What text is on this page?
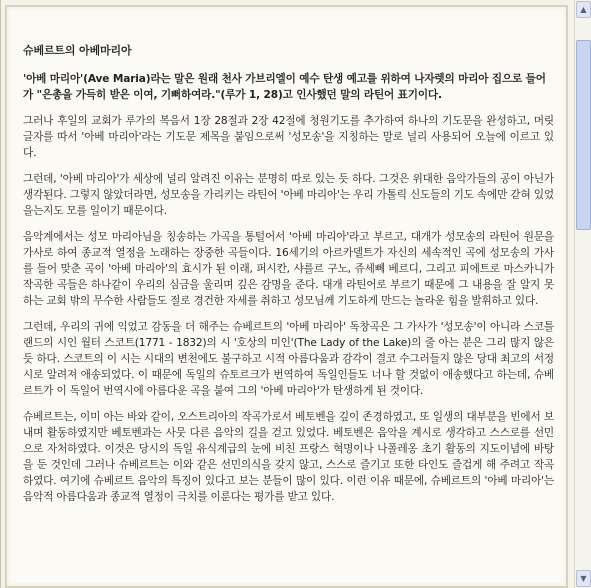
슈베르트의 아베마리아
'아베 마리아'(Ave Maria)라는 말은 원래 천사 가브리엘이 예수 탄생 예고를 위하여 나자렛의 마리아 집으로 들어가 "은총을 가득히 받은 이여, 기뻐하여라."(루가 1, 28)고 인사했던 말의 라틴어 표기이다.
그러나 후일의 교회가 루가의 복음서 1장 28절과 2장 42절에 청원기도를 추가하여 하나의 기도문을 완성하고, 머릿 글자를 따서 '아베 마리아'라는 기도문 제목을 붙임으로써 '성모송'을 지칭하는 말로 널리 사용되어 오늘에 이르고 있다.
그런데, '아베 마리아'가 세상에 널리 알려진 이유는 분명히 따로 있는 듯 하다. 그것은 위대한 음악가들의 공이 아닌가 생각된다. 그렇지 않았더라면, 성모송을 가리키는 라틴어 '아베 마리아'는 우리 가톨릭 신도들의 기도 속에만 갇혀 있었을는지도 모를 일이기 때문이다.
음악계에서는 성모 마리아님을 칭송하는 가곡을 통털어서 '아베 마리아'라고 부르고, 대개가 성모송의 라틴어 원문을 가사로 하여 종교적 열정을 노래하는 장중한 곡들이다. 16세기의 아르카델트가 자신의 세속적인 곡에 성모송의 가사를 들어 맞춘 곡이 '아베 마리아'의 효시가 된 이래, 퍼시칸, 샤를르 구노, 쥬세뻬 베르디, 그리고 피에트로 마스카니가 작곡한 곡들은 하나같이 우리의 심금을 울리며 깊은 감명을 준다. 대개 라틴어로 부르기 때문에 그 내용을 잘 알지 못하는 교회 밖의 무수한 사람들도 절로 경건한 자세를 취하고 성모님께 기도하게 만드는 놀라운 힘을 발휘하고 있다.
그런데, 우리의 귀에 익었고 감동을 더 해주는 슈베르트의 '아베 마리아' 독창곡은 그 가사가 '성모송'이 아니라 스코틀랜드의 시인 월터 스코트(1771 - 1832)의 시 '호상의 미인'(The Lady of the Lake)의 줄 아는 분은 그리 많지 않은 듯 하다. 스코트의 이 시는 시대의 변천에도 불구하고 시적 아름다움과 감각이 결코 수그러들지 않은 당대 최고의 서정시로 알려져 애송되었다. 이 때문에 독일의 슈토르크가 번역하여 독일인들도 너나 할 것없이 애송했다고 하는데, 슈베르트가 이 독일어 번역시에 아름다운 곡을 붙여 그의 '아베 마리아'가 탄생하게 된 것이다.
슈베르트는, 이미 아는 바와 같이, 오스트리아의 작곡가로서 베토벤을 깊이 존경하였고, 또 일생의 대부분을 빈에서 보내며 활동하였지만 베토벤과는 사뭇 다른 음악의 길을 걷고 있었다. 베토벤은 음악을 계시로 생각하고 스스로를 선민으로 자처하였다. 이것은 당시의 독일 유식계급의 눈에 비친 프랑스 혁명이나 나폴레옹 초기 활동의 지도이념에 바탕을 둔 것인데 그러나 슈베르트는 이와 같은 선민의식을 갖지 않고, 스스로 즐기고 또한 타인도 즐겁게 해 주려고 작곡하였다. 여기에 슈베르트 음악의 특징이 있다고 보는 분들이 많이 있다. 이런 이유 때문에, 슈베르트의 '아베 마리아'는 음악적 아름다움과 종교적 열정이 극치를 이룬다는 평가를 받고 있다.
▲
▼
